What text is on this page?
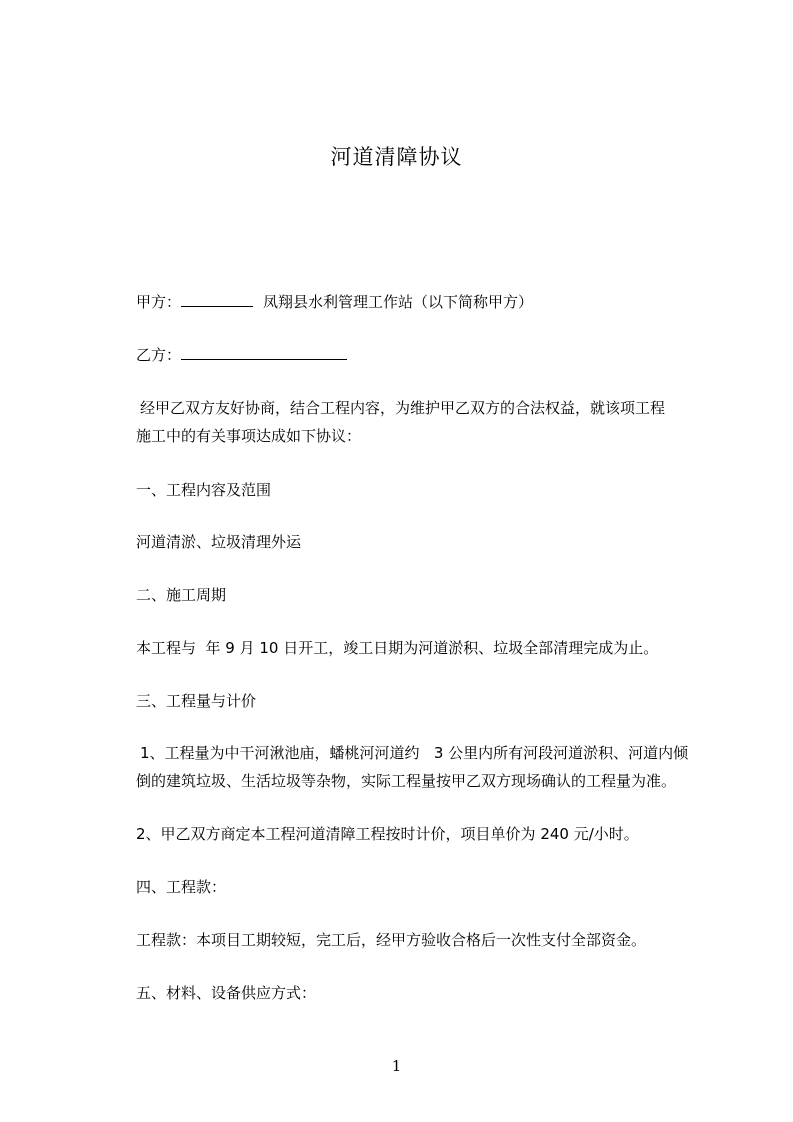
河道清障协议
甲方：	凤翔县水利管理工作站（以下简称甲方）
乙方：
经甲乙双方友好协商，结合工程内容，为维护甲乙双方的合法权益，就该项工程
施工中的有关事项达成如下协议：
一、工程内容及范围
河道清淤、垃圾清理外运
二、施工周期
本工程与  年 9 月 10 日开工，竣工日期为河道淤积、垃圾全部清理完成为止。
三、工程量与计价
1、工程量为中干河湫池庙，蟠桃河河道约   3 公里内所有河段河道淤积、河道内倾
倒的建筑垃圾、生活垃圾等杂物，实际工程量按甲乙双方现场确认的工程量为准。
2、甲乙双方商定本工程河道清障工程按时计价，项目单价为 240 元/小时。
四、工程款：
工程款：本项目工期较短，完工后，经甲方验收合格后一次性支付全部资金。
五、材料、设备供应方式：
1
